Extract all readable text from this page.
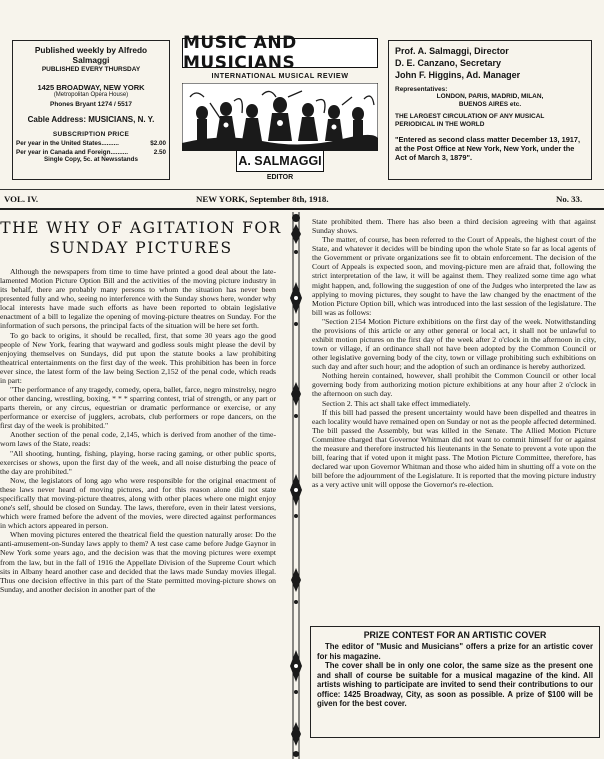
Published weekly by Alfredo Salmaggi
PUBLISHED EVERY THURSDAY
1425 BROADWAY, NEW YORK
(Metropolitan Opera House)
Phones Bryant 1274 / 5517
Cable Address: MUSICIANS, N. Y.
SUBSCRIPTION PRICE
Per year in the United States..........	$2.00
Per year in Canada and Foreign..........	2.50
Single Copy, 5c. at Newsstands
MUSIC AND MUSICIANS
INTERNATIONAL MUSICAL REVIEW
A. SALMAGGI
EDITOR
Prof. A. Salmaggi, Director
D. E. Canzano, Secretary
John F. Higgins, Ad. Manager
Representatives:
LONDON, PARIS, MADRID, MILAN,
BUENOS AIRES etc.
THE LARGEST CIRCULATION OF ANY MUSICAL PERIODICAL IN THE WORLD
"Entered as second class matter December 13, 1917, at the Post Office at New York, New York, under the Act of March 3, 1879".
VOL. IV.	NEW YORK, September 8th, 1918.	No. 33.
THE WHY OF AGITATION FOR
SUNDAY PICTURES

Although the newspapers from time to time have printed a good deal about the late-lamented Motion Picture Option Bill and the activities of the moving picture industry in its behalf, there are probably many persons to whom the situation has never been presented fully and who, seeing no interference with the Sunday shows here, wonder why local interests have made such efforts as have been reported to obtain legislative enactment of a bill to legalize the opening of moving-picture theatres on Sunday. For the information of such persons, the principal facts of the situation will be here set forth.

To go back to origins, it should be recalled, first, that some 30 years ago the good people of New York, fearing that wayward and godless souls might please the devil by enjoying themselves on Sundays, did put upon the statute books a law prohibiting theatrical entertainments on the first day of the week. This prohibition has been in force ever since, the latest form of the law being Section 2,152 of the penal code, which reads in part:

"The performance of any tragedy, comedy, opera, ballet, farce, negro minstrelsy, negro or other dancing, wrestling, boxing, * * * sparring contest, trial of strength, or any part or parts therein, or any circus, equestrian or dramatic performance or exercise, or any performance or exercise of jugglers, acrobats, club performers or rope dancers, on the first day of the week is prohibited."

Another section of the penal code, 2,145, which is derived from another of the time-worn laws of the State, reads:

"All shooting, hunting, fishing, playing, horse racing gaming, or other public sports, exercises or shows, upon the first day of the week, and all noise disturbing the peace of the day are prohibited."

Now, the legislators of long ago who were responsible for the original enactment of these laws never heard of moving pictures, and for this reason alone did not state specifically that moving-picture theatres, along with other places where one might enjoy one's self, should be closed on Sunday. The laws, therefore, even in their latest versions, which were framed before the advent of the movies, were directed against performances in which actors appeared in person.

When moving pictures entered the theatrical field the question naturally arose: Do the anti-amusement-on-Sunday laws apply to them? A test case came before Judge Gaynor in New York some years ago, and the decision was that the moving pictures were exempt from the law, but in the fall of 1916 the Appellate Division of the Supreme Court which sits in Albany heard another case and decided that the laws made Sunday movies illegal. Thus one decision effective in this part of the State permitted moving-picture shows on Sunday, and another decision in another part of the

State prohibited them. There has also been a third decision agreeing with that against Sunday shows.

The matter, of course, has been referred to the Court of Appeals, the highest court of the State, and whatever it decides will be binding upon the whole State so far as local agents of the Government or private organizations see fit to obtain enforcement. The decision of the Court of Appeals is expected soon, and moving-picture men are afraid that, following the strict interpretation of the law, it will be against them. They realized some time ago what might happen, and, following the suggestion of one of the Judges who interpreted the law as applying to moving pictures, they sought to have the law changed by the enactment of the Motion Picture Option bill, which was introduced into the last session of the legislature. The bill was as follows:

"Section 2154 Motion Picture exhibitions on the first day of the week. Notwithstanding the provisions of this article or any other general or local act, it shall not be unlawful to exhibit motion pictures on the first day of the week after 2 o'clock in the afternoon in city, town or village, if an ordinance shall not have been adopted by the Common Council or other legislative governing body of the city, town or village prohibiting such exhibitions on such day and after such hour; and the adoption of such an ordinance is hereby authorized.

Nothing herein contained, however, shall prohibit the Common Council or other local governing body from authorizing motion picture exhibitions at any hour after 2 o'clock in the afternoon on such day.

Section 2. This act shall take effect immediately.

If this bill had passed the present uncertainty would have been dispelled and theatres in each locality would have remained open on Sunday or not as the people affected determined. The bill passed the Assembly, but was killed in the Senate. The Allied Motion Picture Committee charged that Governor Whitman did not want to commit himself for or against the measure and therefore instructed his lieutenants in the Senate to prevent a vote upon the bill, fearing that if voted upon it might pass. The Motion Picture Committee, therefore, has declared war upon Governor Whitman and those who aided him in shutting off a vote on the bill before the adjournment of the Legislature. It is reported that the moving picture industry as a very active unit will oppose the Governor's re-election.

PRIZE CONTEST FOR AN ARTISTIC COVER

The editor of "Music and Musicians" offers a prize for an artistic cover for his magazine.

The cover shall be in only one color, the same size as the present one and shall of course be suitable for a musical magazine of the kind. All artists wishing to participate are invited to send their contributions to our office: 1425 Broadway, City, as soon as possible. A prize of $100 will be given for the best cover.
